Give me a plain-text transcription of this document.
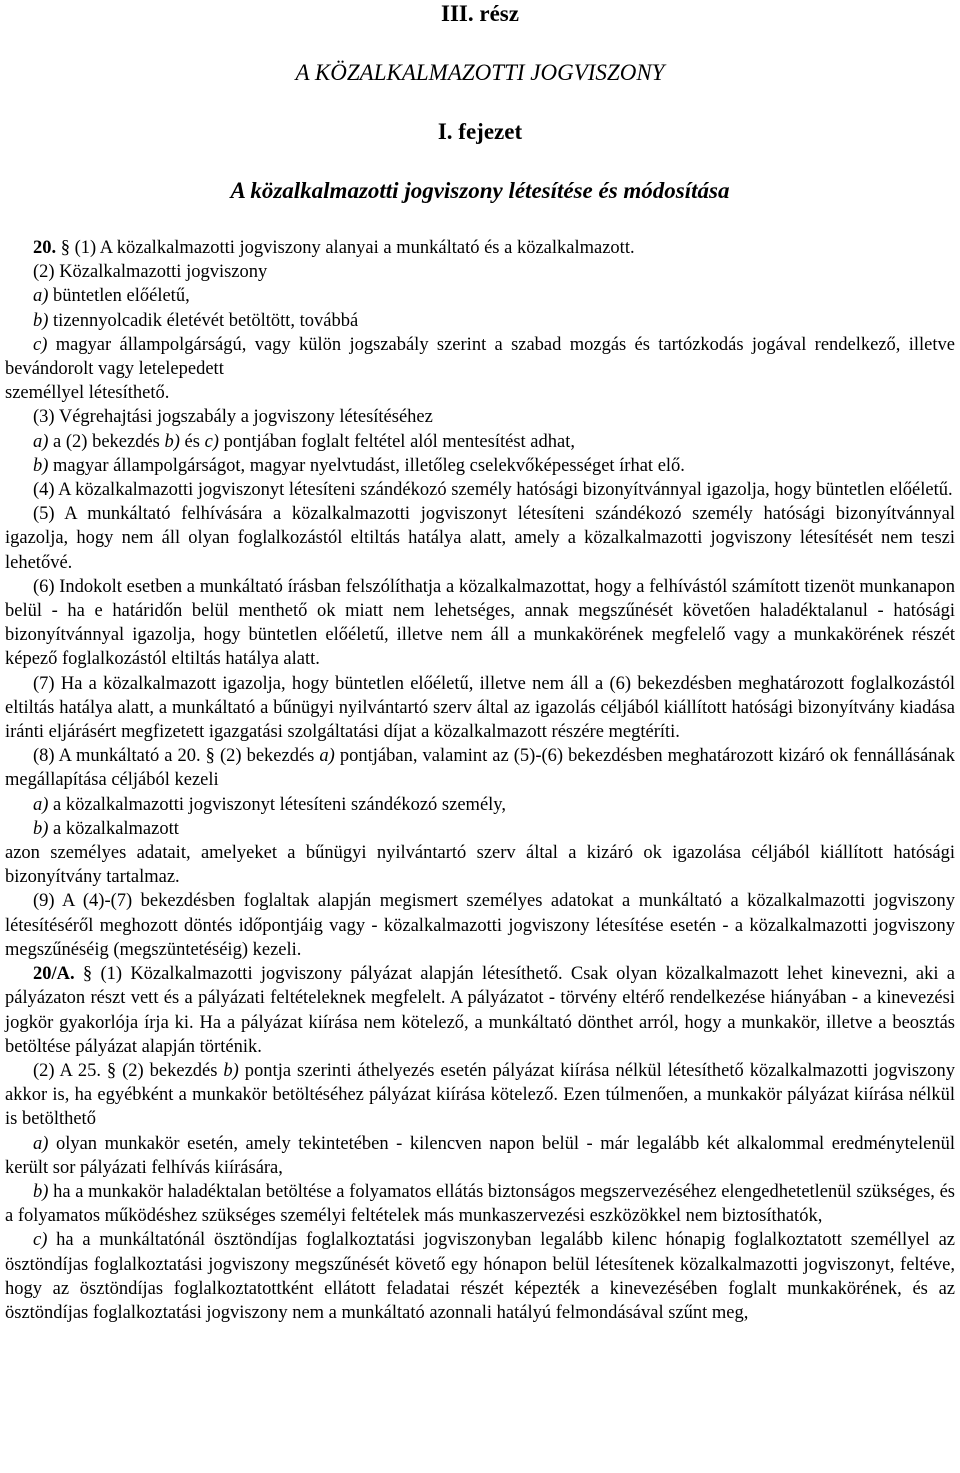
III. rész

A KÖZALKALMAZOTTI JOGVISZONY

I. fejezet

A közalkalmazotti jogviszony létesítése és módosítása

20. § (1) A közalkalmazotti jogviszony alanyai a munkáltató és a közalkalmazott.

(2) Közalkalmazotti jogviszony

a) büntetlen előéletű,

b) tizennyolcadik életévét betöltött, továbbá

c) magyar állampolgárságú, vagy külön jogszabály szerint a szabad mozgás és tartózkodás jogával rendelkező, illetve bevándorolt vagy letelepedett

személlyel létesíthető.

(3) Végrehajtási jogszabály a jogviszony létesítéséhez

a) a (2) bekezdés b) és c) pontjában foglalt feltétel alól mentesítést adhat,

b) magyar állampolgárságot, magyar nyelvtudást, illetőleg cselekvőképességet írhat elő.

(4) A közalkalmazotti jogviszonyt létesíteni szándékozó személy hatósági bizonyítvánnyal igazolja, hogy büntetlen előéletű.

(5) A munkáltató felhívására a közalkalmazotti jogviszonyt létesíteni szándékozó személy hatósági bizonyítvánnyal igazolja, hogy nem áll olyan foglalkozástól eltiltás hatálya alatt, amely a közalkalmazotti jogviszony létesítését nem teszi lehetővé.

(6) Indokolt esetben a munkáltató írásban felszólíthatja a közalkalmazottat, hogy a felhívástól számított tizenöt munkanapon belül - ha e határidőn belül menthető ok miatt nem lehetséges, annak megszűnését követően haladéktalanul - hatósági bizonyítvánnyal igazolja, hogy büntetlen előéletű, illetve nem áll a munkakörének megfelelő vagy a munkakörének részét képező foglalkozástól eltiltás hatálya alatt.

(7) Ha a közalkalmazott igazolja, hogy büntetlen előéletű, illetve nem áll a (6) bekezdésben meghatározott foglalkozástól eltiltás hatálya alatt, a munkáltató a bűnügyi nyilvántartó szerv által az igazolás céljából kiállított hatósági bizonyítvány kiadása iránti eljárásért megfizetett igazgatási szolgáltatási díjat a közalkalmazott részére megtéríti.

(8) A munkáltató a 20. § (2) bekezdés a) pontjában, valamint az (5)-(6) bekezdésben meghatározott kizáró ok fennállásának megállapítása céljából kezeli

a) a közalkalmazotti jogviszonyt létesíteni szándékozó személy,

b) a közalkalmazott

azon személyes adatait, amelyeket a bűnügyi nyilvántartó szerv által a kizáró ok igazolása céljából kiállított hatósági bizonyítvány tartalmaz.

(9) A (4)-(7) bekezdésben foglaltak alapján megismert személyes adatokat a munkáltató a közalkalmazotti jogviszony létesítéséről meghozott döntés időpontjáig vagy - közalkalmazotti jogviszony létesítése esetén - a közalkalmazotti jogviszony megszűnéséig (megszüntetéséig) kezeli.

20/A. § (1) Közalkalmazotti jogviszony pályázat alapján létesíthető. Csak olyan közalkalmazott lehet kinevezni, aki a pályázaton részt vett és a pályázati feltételeknek megfelelt. A pályázatot - törvény eltérő rendelkezése hiányában - a kinevezési jogkör gyakorlója írja ki. Ha a pályázat kiírása nem kötelező, a munkáltató dönthet arról, hogy a munkakör, illetve a beosztás betöltése pályázat alapján történik.

(2) A 25. § (2) bekezdés b) pontja szerinti áthelyezés esetén pályázat kiírása nélkül létesíthető közalkalmazotti jogviszony akkor is, ha egyébként a munkakör betöltéséhez pályázat kiírása kötelező. Ezen túlmenően, a munkakör pályázat kiírása nélkül is betölthető

a) olyan munkakör esetén, amely tekintetében - kilencven napon belül - már legalább két alkalommal eredménytelenül került sor pályázati felhívás kiírására,

b) ha a munkakör haladéktalan betöltése a folyamatos ellátás biztonságos megszervezéséhez elengedhetetlenül szükséges, és a folyamatos működéshez szükséges személyi feltételek más munkaszervezési eszközökkel nem biztosíthatók,

c) ha a munkáltatónál ösztöndíjas foglalkoztatási jogviszonyban legalább kilenc hónapig foglalkoztatott személlyel az ösztöndíjas foglalkoztatási jogviszony megszűnését követő egy hónapon belül létesítenek közalkalmazotti jogviszonyt, feltéve, hogy az ösztöndíjas foglalkoztatottként ellátott feladatai részét képezték a kinevezésében foglalt munkakörének, és az ösztöndíjas foglalkoztatási jogviszony nem a munkáltató azonnali hatályú felmondásával szűnt meg,
